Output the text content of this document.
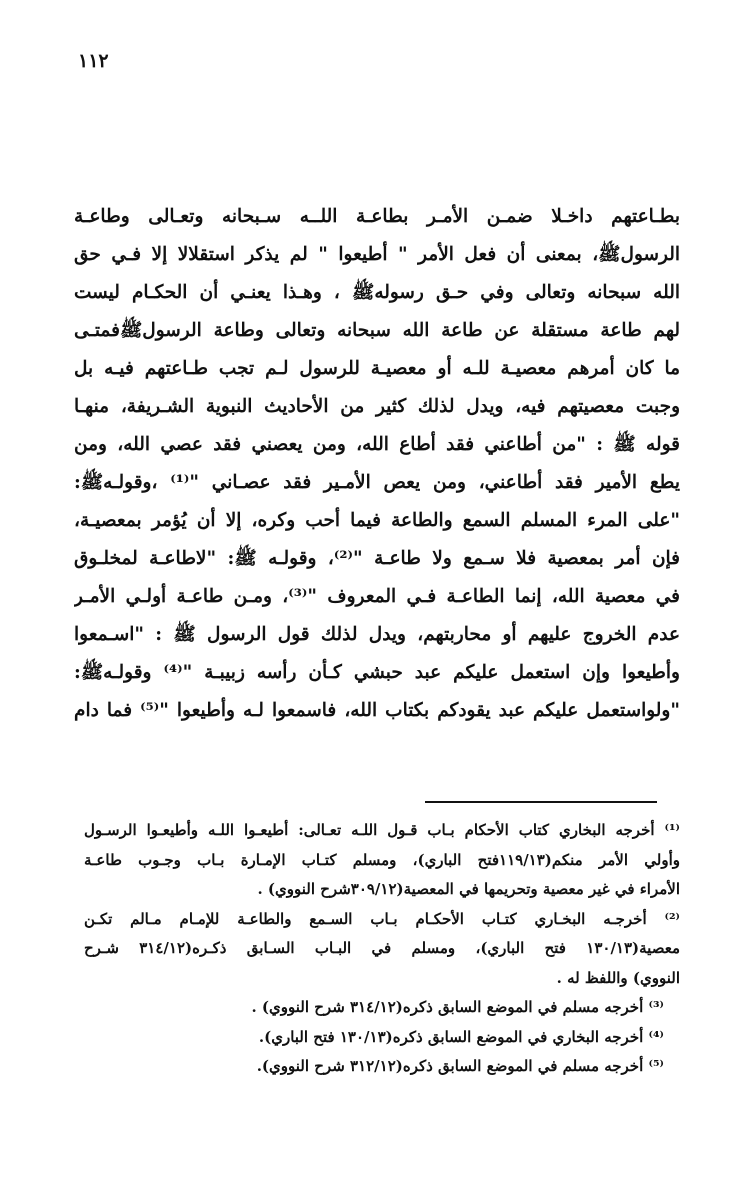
١١٢
بطـاعتهم داخـلا ضمـن الأمـر بطاعـة اللــه سـبحانه وتعـالى وطاعـة
الرسولﷺ، بمعنى أن فعل الأمر " أطيعوا " لم يذكر استقلالا إلا فـي حق
الله سبحانه وتعالى وفي حـق رسولهﷺ ، وهـذا يعنـي أن الحكـام ليست
لهم طاعة مستقلة عن طاعة الله سبحانه وتعالى وطاعة الرسولﷺفمتـى
ما كان أمرهم معصيـة للـه أو معصيـة للرسول لـم تجب طـاعتهم فيـه بل
وجبت معصيتهم فيه، ويدل لذلك كثير من الأحاديث النبوية الشـريفة، منهـا
قوله ﷺ : "من أطاعني فقد أطاع الله، ومن يعصني فقد عصي الله، ومن
يطع الأمير فقد أطاعني، ومن يعص الأمـير فقد عصـاني "⁽¹⁾ ،وقولـهﷺ:
"على المرء المسلم السمع والطاعة فيما أحب وكره، إلا أن يُؤمر بمعصيـة،
فإن أمر بمعصية فلا سـمع ولا طاعـة "⁽²⁾، وقولـه ﷺ: "لاطاعـة لمخلـوق
في معصية الله، إنما الطاعـة فـي المعروف "⁽³⁾، ومـن طاعـة أولـي الأمـر
عدم الخروج عليهم أو محاربتهم، ويدل لذلك قول الرسول ﷺ : "اسـمعوا
وأطيعوا وإن استعمل عليكم عبد حبشي كـأن رأسه زبيبـة "⁽⁴⁾ وقولـهﷺ:
"ولواستعمل عليكم عبد يقودكم بكتاب الله، فاسمعوا لـه وأطيعوا "⁽⁵⁾ فما دام
⁽¹⁾ أخرجه البخاري كتاب الأحكام بـاب قـول اللـه تعـالى: أطيعـوا اللـه وأطيعـوا الرسـول
وأولي الأمر منكم(١١٩/١٣فتح الباري)، ومسلم كتـاب الإمـارة بـاب وجـوب طاعـة
الأمراء في غير معصية وتحريمها في المعصية(٣٠٩/١٢شرح النووي) .
⁽²⁾ أخرجـه البخـاري كتـاب الأحكـام بـاب السـمع والطاعـة للإمـام مـالم تكـن
معصية(١٣٠/١٣ فتح الباري)، ومسلم في البـاب السـابق ذكـره(٣١٤/١٢ شـرح
النووي) واللفظ له .
⁽³⁾ أخرجه مسلم في الموضع السابق ذكره(٣١٤/١٢ شرح النووي) .
⁽⁴⁾ أخرجه البخاري في الموضع السابق ذكره(١٣٠/١٣ فتح الباري).
⁽⁵⁾ أخرجه مسلم في الموضع السابق ذكره(٣١٢/١٢ شرح النووي).
